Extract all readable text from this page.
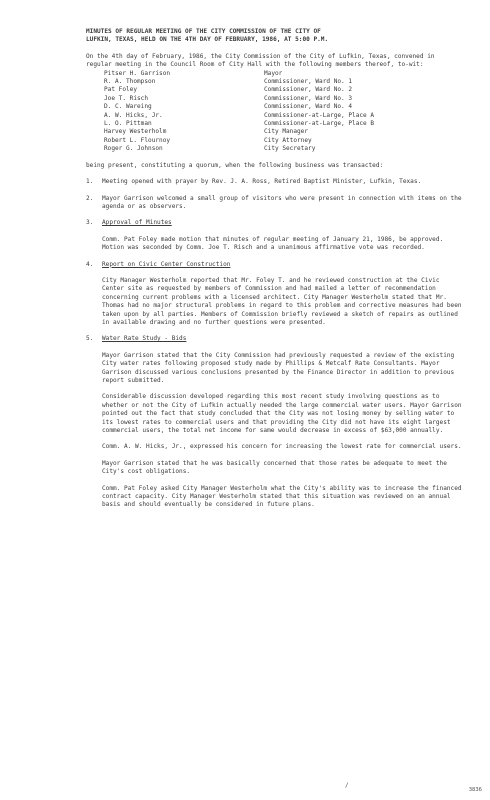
MINUTES OF REGULAR MEETING OF THE CITY COMMISSION OF THE CITY OF
LUFKIN, TEXAS, HELD ON THE 4TH DAY OF FEBRUARY, 1986, AT 5:00 P.M.

On the 4th day of February, 1986, the City Commission of the City of Lufkin, Texas, convened in regular meeting in the Council Room of City Hall with the following members thereof, to-wit:

Pitser H. Garrison	Mayor
R. A. Thompson	Commissioner, Ward No. 1
Pat Foley	Commissioner, Ward No. 2
Joe T. Risch	Commissioner, Ward No. 3
D. C. Wareing	Commissioner, Ward No. 4
A. W. Hicks, Jr.	Commissioner-at-Large, Place A
L. O. Pittman	Commissioner-at-Large, Place B
Harvey Westerholm	City Manager
Robert L. Flournoy	City Attorney
Roger G. Johnson	City Secretary

being present, constituting a quorum, when the following business was transacted:

1.	Meeting opened with prayer by Rev. J. A. Ross, Retired Baptist Minister, Lufkin, Texas.
2.	Mayor Garrison welcomed a small group of visitors who were present in connection with items on the agenda or as observers.
3.	Approval of Minutes

Comm. Pat Foley made motion that minutes of regular meeting of January 21, 1986, be approved. Motion was seconded by Comm. Joe T. Risch and a unanimous affirmative vote was recorded.

4.	Report on Civic Center Construction

City Manager Westerholm reported that Mr. Foley T. and he reviewed construction at the Civic Center site as requested by members of Commission and had mailed a letter of recommendation concerning current problems with a licensed architect. City Manager Westerholm stated that Mr. Thomas had no major structural problems in regard to this problem and corrective measures had been taken upon by all parties. Members of Commission briefly reviewed a sketch of repairs as outlined in available drawing and no further questions were presented.

5.	Water Rate Study - Bids

Mayor Garrison stated that the City Commission had previously requested a review of the existing City water rates following proposed study made by Phillips & Metcalf Rate Consultants. Mayor Garrison discussed various conclusions presented by the Finance Director in addition to previous report submitted.

Considerable discussion developed regarding this most recent study involving questions as to whether or not the City of Lufkin actually needed the large commercial water users. Mayor Garrison pointed out the fact that study concluded that the City was not losing money by selling water to its lowest rates to commercial users and that providing the City did not have its eight largest commercial users, the total net income for same would decrease in excess of $63,000 annually.

Comm. A. W. Hicks, Jr., expressed his concern for increasing the lowest rate for commercial users.

Mayor Garrison stated that he was basically concerned that those rates be adequate to meet the City's cost obligations.

Comm. Pat Foley asked City Manager Westerholm what the City's ability was to increase the financed contract capacity. City Manager Westerholm stated that this situation was reviewed on an annual basis and should eventually be considered in future plans.

/
3836
